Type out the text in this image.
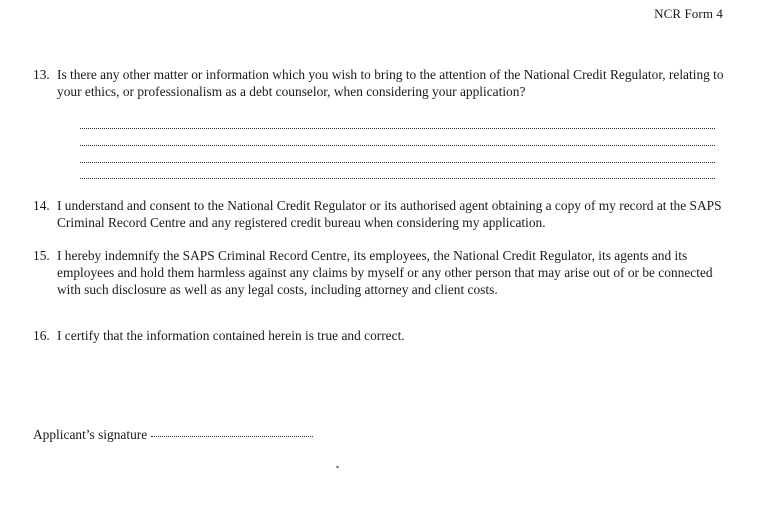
NCR Form 4
13. Is there any other matter or information which you wish to bring to the attention of the National Credit Regulator, relating to your ethics, or professionalism as a debt counselor, when considering your application?
14. I understand and consent to the National Credit Regulator or its authorised agent obtaining a copy of my record at the SAPS Criminal Record Centre and any registered credit bureau when considering my application.
15. I hereby indemnify the SAPS Criminal Record Centre, its employees, the National Credit Regulator, its agents and its employees and hold them harmless against any claims by myself or any other person that may arise out of or be connected with such disclosure as well as any legal costs, including attorney and client costs.
16. I certify that the information contained herein is true and correct.
Applicant’s signature
